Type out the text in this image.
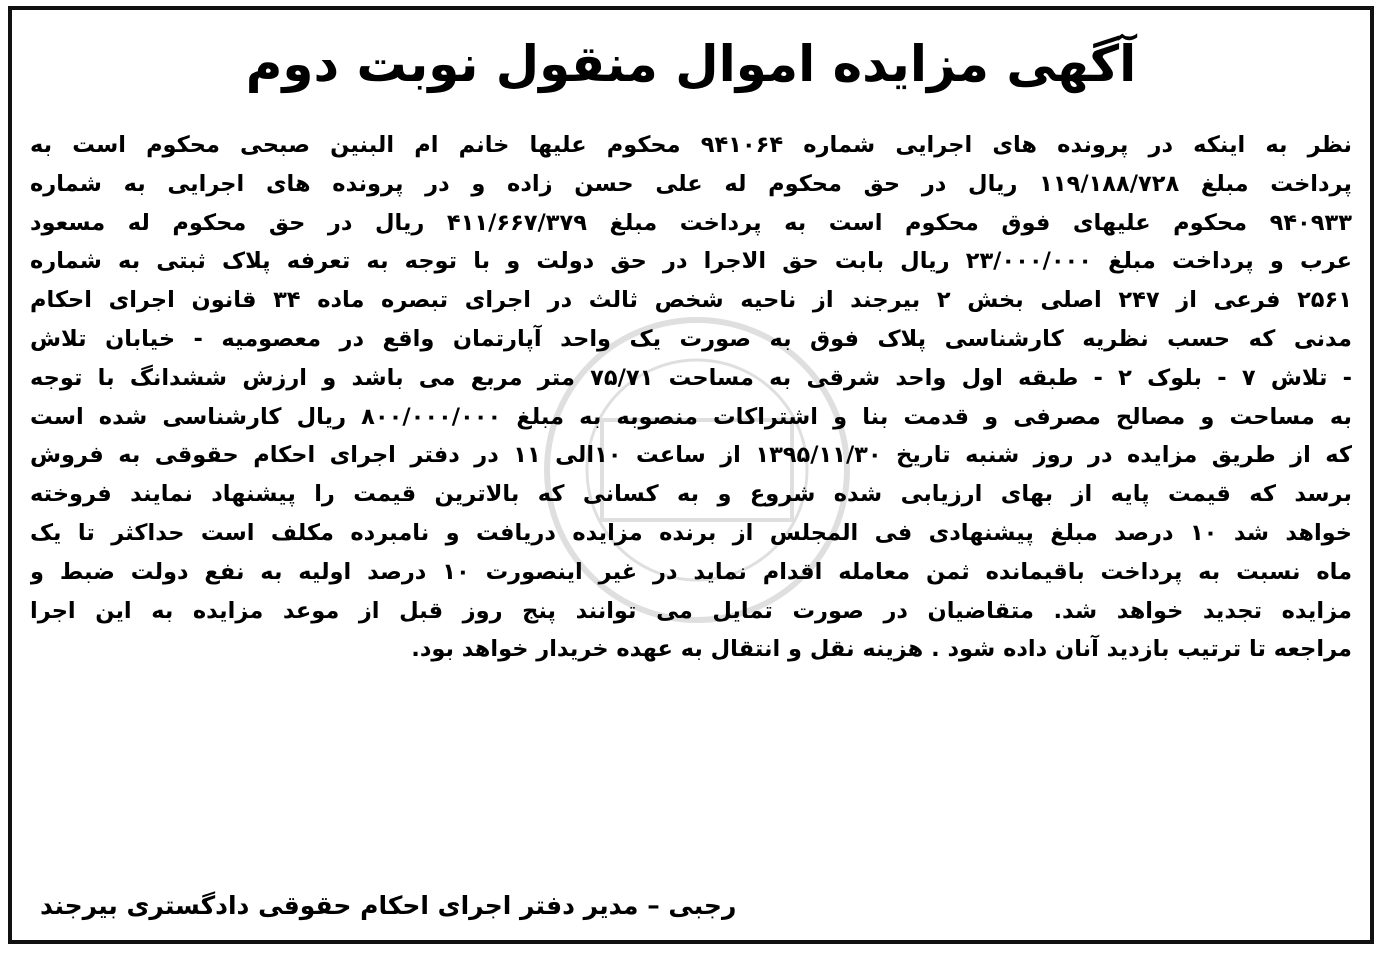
آگهی مزایده اموال منقول نوبت دوم
نظر به اینکه در پرونده های اجرایی شماره ۹۴۱۰۶۴ محکوم علیها خانم ام البنین صبحی محکوم است به
پرداخت مبلغ ۱۱۹/۱۸۸/۷۲۸ ریال در حق محکوم له علی حسن زاده و در پرونده های اجرایی به شماره
۹۴۰۹۳۳ محکوم علیهای فوق محکوم است به پرداخت مبلغ ۴۱۱/۶۶۷/۳۷۹ ریال در حق محکوم له مسعود
عرب و پرداخت مبلغ ۲۳/۰۰۰/۰۰۰ ریال بابت حق الاجرا در حق دولت و با توجه به تعرفه پلاک ثبتی به شماره
۲۵۶۱ فرعی از ۲۴۷ اصلی بخش ۲ بیرجند از ناحیه شخص ثالث در اجرای تبصره ماده ۳۴ قانون اجرای احکام
مدنی که حسب نظریه کارشناسی پلاک فوق به صورت یک واحد آپارتمان واقع در معصومیه - خیابان تلاش
- تلاش ۷ - بلوک ۲ - طبقه اول واحد شرقی به مساحت ۷۵/۷۱ متر مربع می باشد و ارزش ششدانگ با توجه
به مساحت و مصالح مصرفی و قدمت بنا و اشتراکات منصوبه به مبلغ ۸۰۰/۰۰۰/۰۰۰ ریال کارشناسی شده است
که از طریق مزایده در روز شنبه تاریخ ۱۳۹۵/۱۱/۳۰ از ساعت ۱۰الی ۱۱ در دفتر اجرای احکام حقوقی به فروش
برسد که قیمت پایه از بهای ارزیابی شده شروع و به کسانی که بالاترین قیمت را پیشنهاد نمایند فروخته
خواهد شد ۱۰ درصد مبلغ پیشنهادی فی المجلس از برنده مزایده دریافت و نامبرده مکلف است حداکثر تا یک
ماه نسبت به پرداخت باقیمانده ثمن معامله اقدام نماید در غیر اینصورت ۱۰ درصد اولیه به نفع دولت ضبط و
مزایده تجدید خواهد شد. متقاضیان در صورت تمایل می توانند پنج روز قبل از موعد مزایده به این اجرا
مراجعه تا ترتیب بازدید آنان داده شود . هزینه نقل و انتقال به عهده خریدار خواهد بود.
رجبی – مدیر دفتر اجرای احکام حقوقی دادگستری بیرجند
